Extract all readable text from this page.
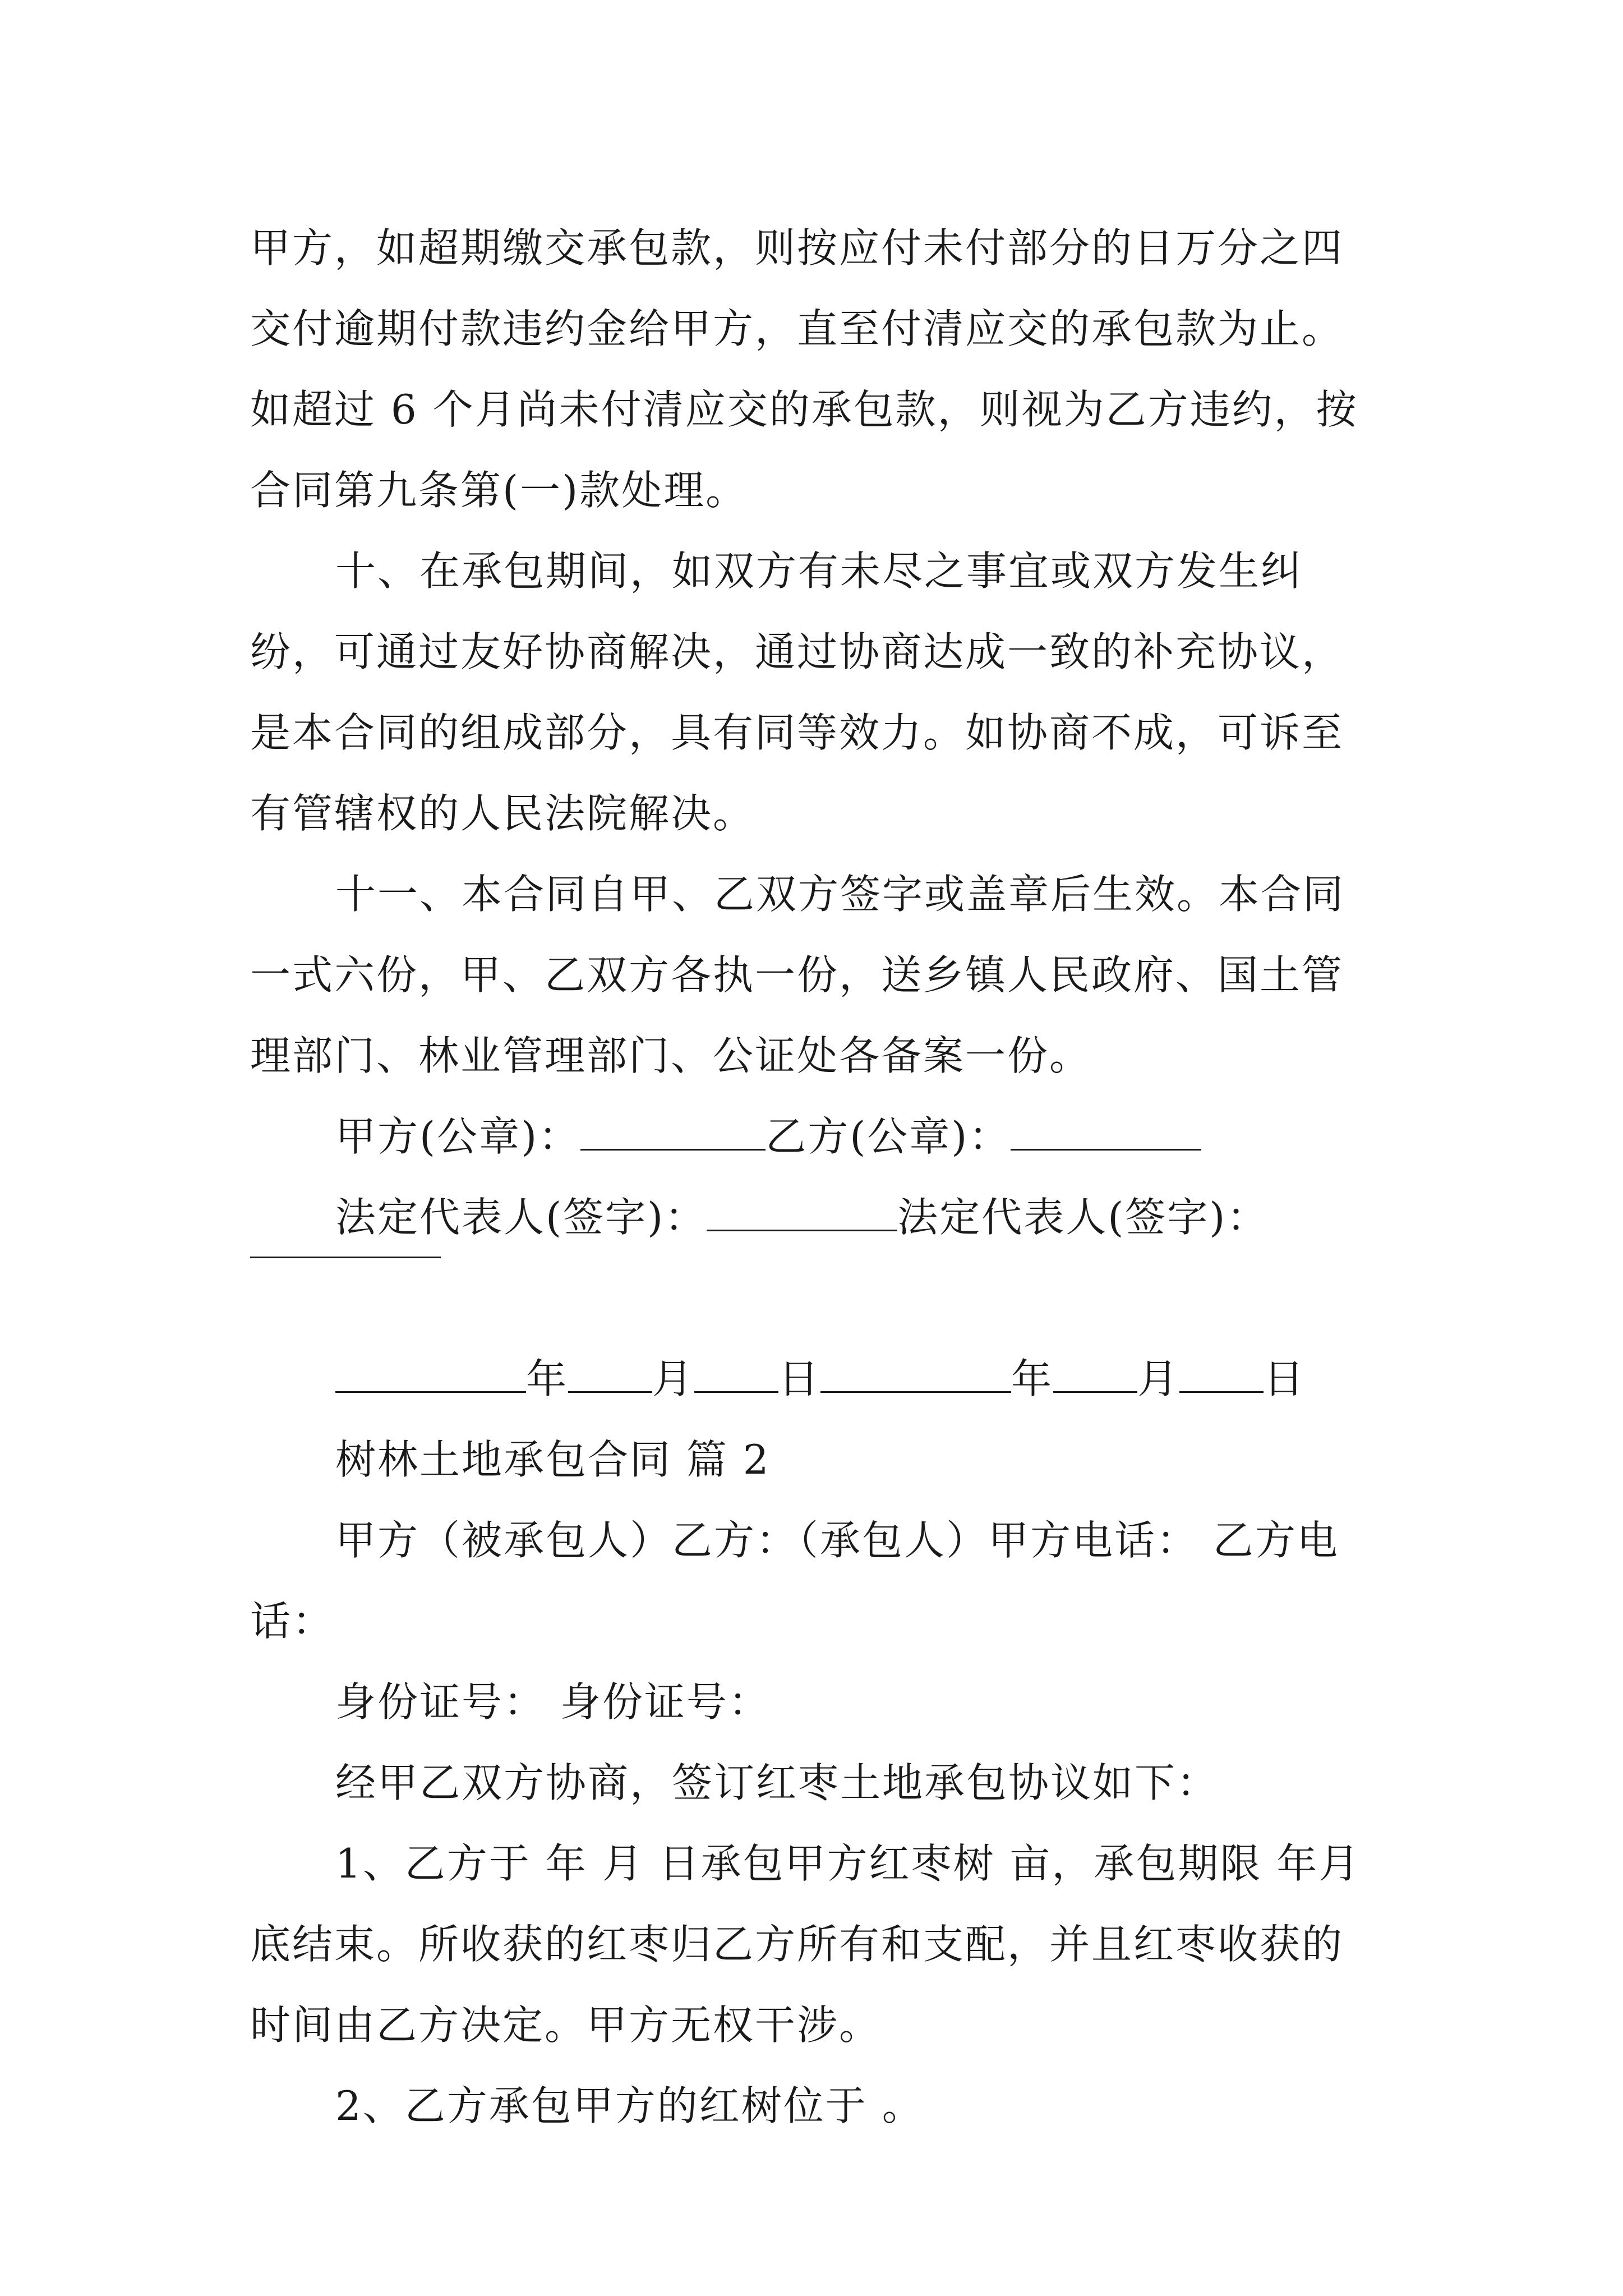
甲方，如超期缴交承包款，则按应付未付部分的日万分之四交付逾期付款违约金给甲方，直至付清应交的承包款为止。如超过 6 个月尚未付清应交的承包款，则视为乙方违约，按合同第九条第(一)款处理。

十、在承包期间，如双方有未尽之事宜或双方发生纠纷，可通过友好协商解决，通过协商达成一致的补充协议，是本合同的组成部分，具有同等效力。如协商不成，可诉至有管辖权的人民法院解决。

十一、本合同自甲、乙双方签字或盖章后生效。本合同一式六份，甲、乙双方各执一份，送乡镇人民政府、国土管理部门、林业管理部门、公证处各备案一份。

甲方(公章)：	乙方(公章)：
法定代表人(签字)：	法定代表人(签字)：
年 月 日	年 月 日

树林土地承包合同 篇 2

甲方（被承包人）乙方：（承包人）甲方电话： 乙方电话：

身份证号： 身份证号：

经甲乙双方协商，签订红枣土地承包协议如下：

1、乙方于 年 月 日承包甲方红枣树 亩，承包期限 年月底结束。所收获的红枣归乙方所有和支配，并且红枣收获的时间由乙方决定。甲方无权干涉。

2、乙方承包甲方的红树位于 。
